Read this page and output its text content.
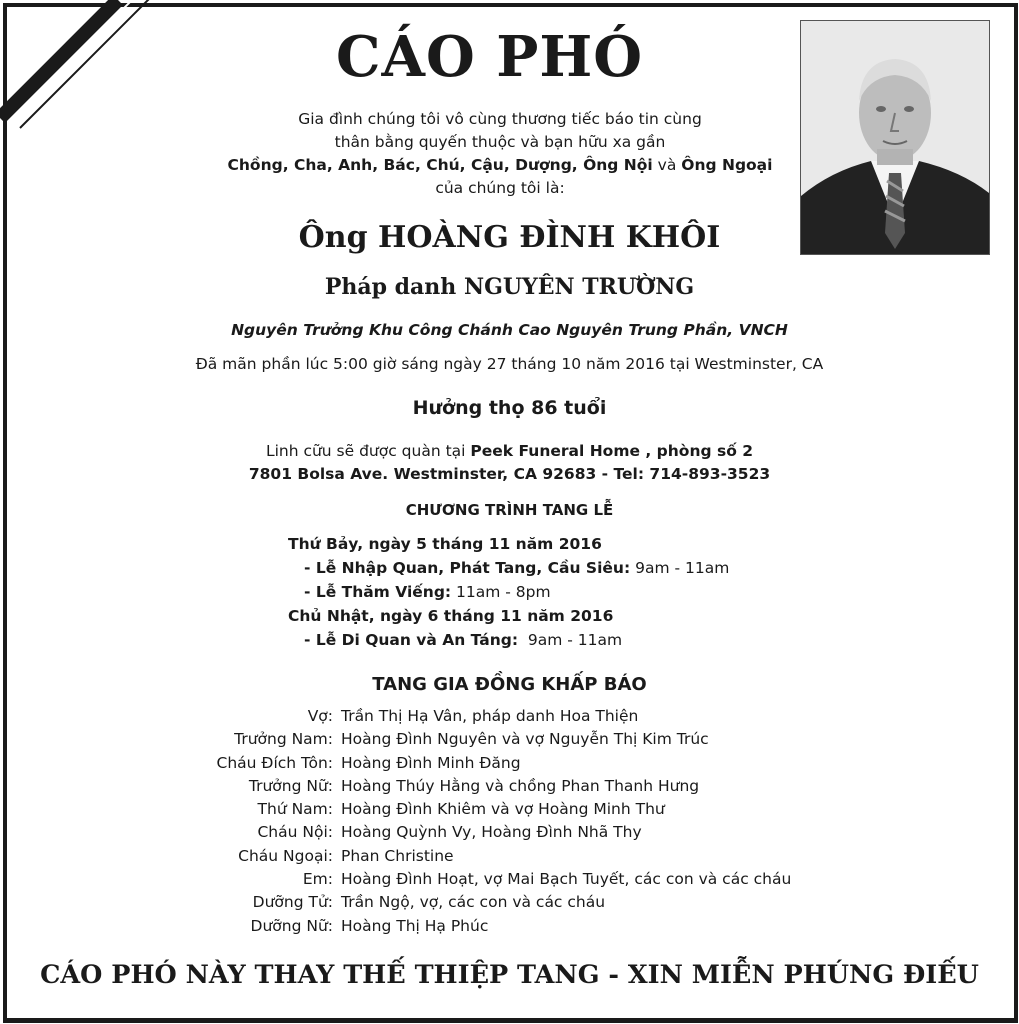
CÁO PHÓ
Gia đình chúng tôi vô cùng thương tiếc báo tin cùng
thân bằng quyến thuộc và bạn hữu xa gần
Chồng, Cha, Anh, Bác, Chú, Cậu, Dượng, Ông Nội và Ông Ngoại
của chúng tôi là:
Ông HOÀNG ĐÌNH KHÔI
Pháp danh NGUYÊN TRƯỜNG
Nguyên Trưởng Khu Công Chánh Cao Nguyên Trung Phần, VNCH
Đã mãn phần lúc 5:00 giờ sáng ngày 27 tháng 10 năm 2016 tại Westminster, CA
Hưởng thọ 86 tuổi
Linh cữu sẽ được quàn tại Peek Funeral Home , phòng số 2
7801 Bolsa Ave. Westminster, CA 92683 - Tel: 714-893-3523
CHƯƠNG TRÌNH TANG LỄ
Thứ Bảy, ngày 5 tháng 11 năm 2016
- Lễ Nhập Quan, Phát Tang, Cầu Siêu: 9am - 11am
- Lễ Thăm Viếng: 11am - 8pm
Chủ Nhật, ngày 6 tháng 11 năm 2016
- Lễ Di Quan và An Táng:  9am - 11am
TANG GIA ĐỒNG KHẤP BÁO
Vợ: Trần Thị Hạ Vân, pháp danh Hoa Thiện
Trưởng Nam: Hoàng Đình Nguyên và vợ Nguyễn Thị Kim Trúc
Cháu Đích Tôn: Hoàng Đình Minh Đăng
Trưởng Nữ: Hoàng Thúy Hằng và chồng Phan Thanh Hưng
Thứ Nam: Hoàng Đình Khiêm và vợ Hoàng Minh Thư
Cháu Nội: Hoàng Quỳnh Vy, Hoàng Đình Nhã Thy
Cháu Ngoại: Phan Christine
Em: Hoàng Đình Hoạt, vợ Mai Bạch Tuyết, các con và các cháu
Dưỡng Tử: Trần Ngộ, vợ, các con và các cháu
Dưỡng Nữ: Hoàng Thị Hạ Phúc
CÁO PHÓ NÀY THAY THẾ THIỆP TANG - XIN MIỄN PHÚNG ĐIẾU
